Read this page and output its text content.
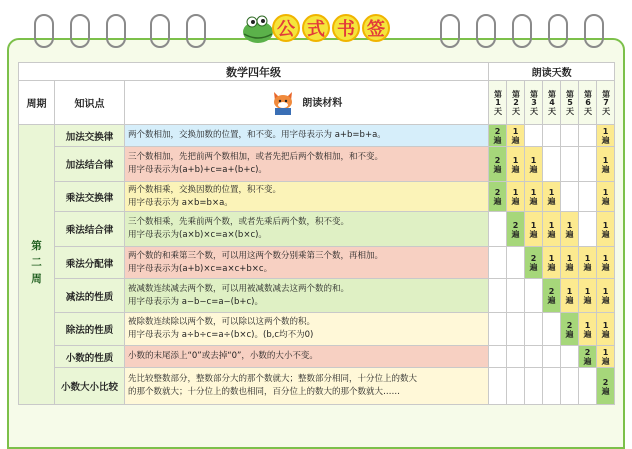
公 式 书 签
数学四年级			朗读天数						
周期	知识点	朗读材料	第1天	第2天	第3天	第4天	第5天	第6天	第7天
第二周	加法交换律	两个数相加，交换加数的位置，和不变。用字母表示为 a+b=b+a。	2遍	1遍					1遍
	加法结合律	三个数相加，先把前两个数相加，或者先把后两个数相加，和不变。
用字母表示为(a+b)+c=a+(b+c)。	2遍	1遍	1遍				1遍
	乘法交换律	两个数相乘，交换因数的位置，积不变。
用字母表示为 a×b=b×a。	2遍	1遍	1遍	1遍			1遍
	乘法结合律	三个数相乘，先乘前两个数，或者先乘后两个数，积不变。
用字母表示为(a×b)×c=a×(b×c)。		2遍	1遍	1遍	1遍		1遍
	乘法分配律	两个数的和乘第三个数，可以用这两个数分别乘第三个数，再相加。
用字母表示为(a+b)×c=a×c+b×c。			2遍	1遍	1遍	1遍	1遍
	减法的性质	被减数连续减去两个数，可以用被减数减去这两个数的和。
用字母表示为 a−b−c=a−(b+c)。				2遍	1遍	1遍	1遍
	除法的性质	被除数连续除以两个数，可以除以这两个数的积。
用字母表示为 a÷b÷c=a÷(b×c)。(b,c均不为0)					2遍	1遍	1遍
	小数的性质	小数的末尾添上“0”或去掉“0”，小数的大小不变。						2遍	1遍
	小数大小比较	先比较整数部分，整数部分大的那个数就大；整数部分相同，十分位上的数大
的那个数就大；十分位上的数也相同，百分位上的数大的那个数就大……							2遍
